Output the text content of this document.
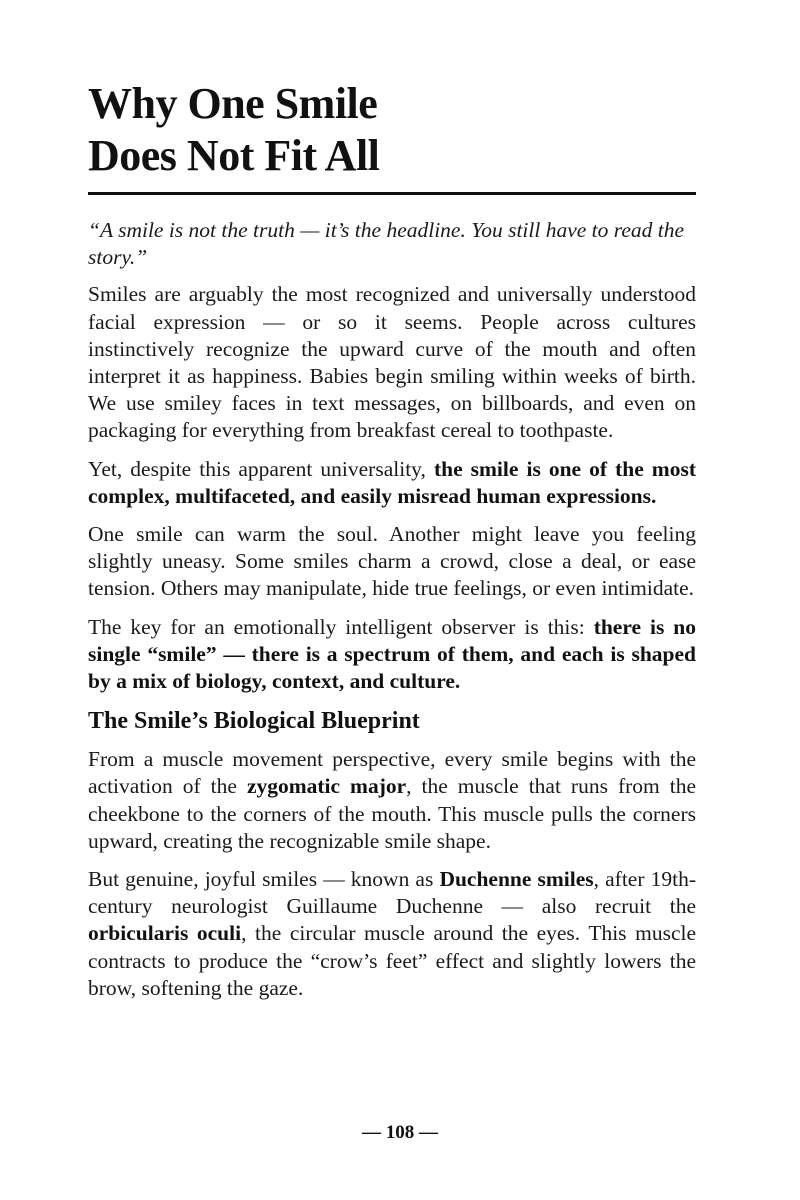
Why One Smile
Does Not Fit All

“A smile is not the truth — it’s the headline. You still have to read the story.”

Smiles are arguably the most recognized and universally understood facial expression — or so it seems. People across cultures instinctively recognize the upward curve of the mouth and often interpret it as happiness. Babies begin smiling within weeks of birth. We use smiley faces in text messages, on billboards, and even on packaging for everything from breakfast cereal to toothpaste.

Yet, despite this apparent universality, the smile is one of the most complex, multifaceted, and easily misread human expressions.

One smile can warm the soul. Another might leave you feeling slightly uneasy. Some smiles charm a crowd, close a deal, or ease tension. Others may manipulate, hide true feelings, or even intimidate.

The key for an emotionally intelligent observer is this: there is no single “smile” — there is a spectrum of them, and each is shaped by a mix of biology, context, and culture.

The Smile’s Biological Blueprint

From a muscle movement perspective, every smile begins with the activation of the zygomatic major, the muscle that runs from the cheekbone to the corners of the mouth. This muscle pulls the corners upward, creating the recognizable smile shape.

But genuine, joyful smiles — known as Duchenne smiles, after 19th-century neurologist Guillaume Duchenne — also recruit the orbicularis oculi, the circular muscle around the eyes. This muscle contracts to produce the “crow’s feet” effect and slightly lowers the brow, softening the gaze.

— 108 —
